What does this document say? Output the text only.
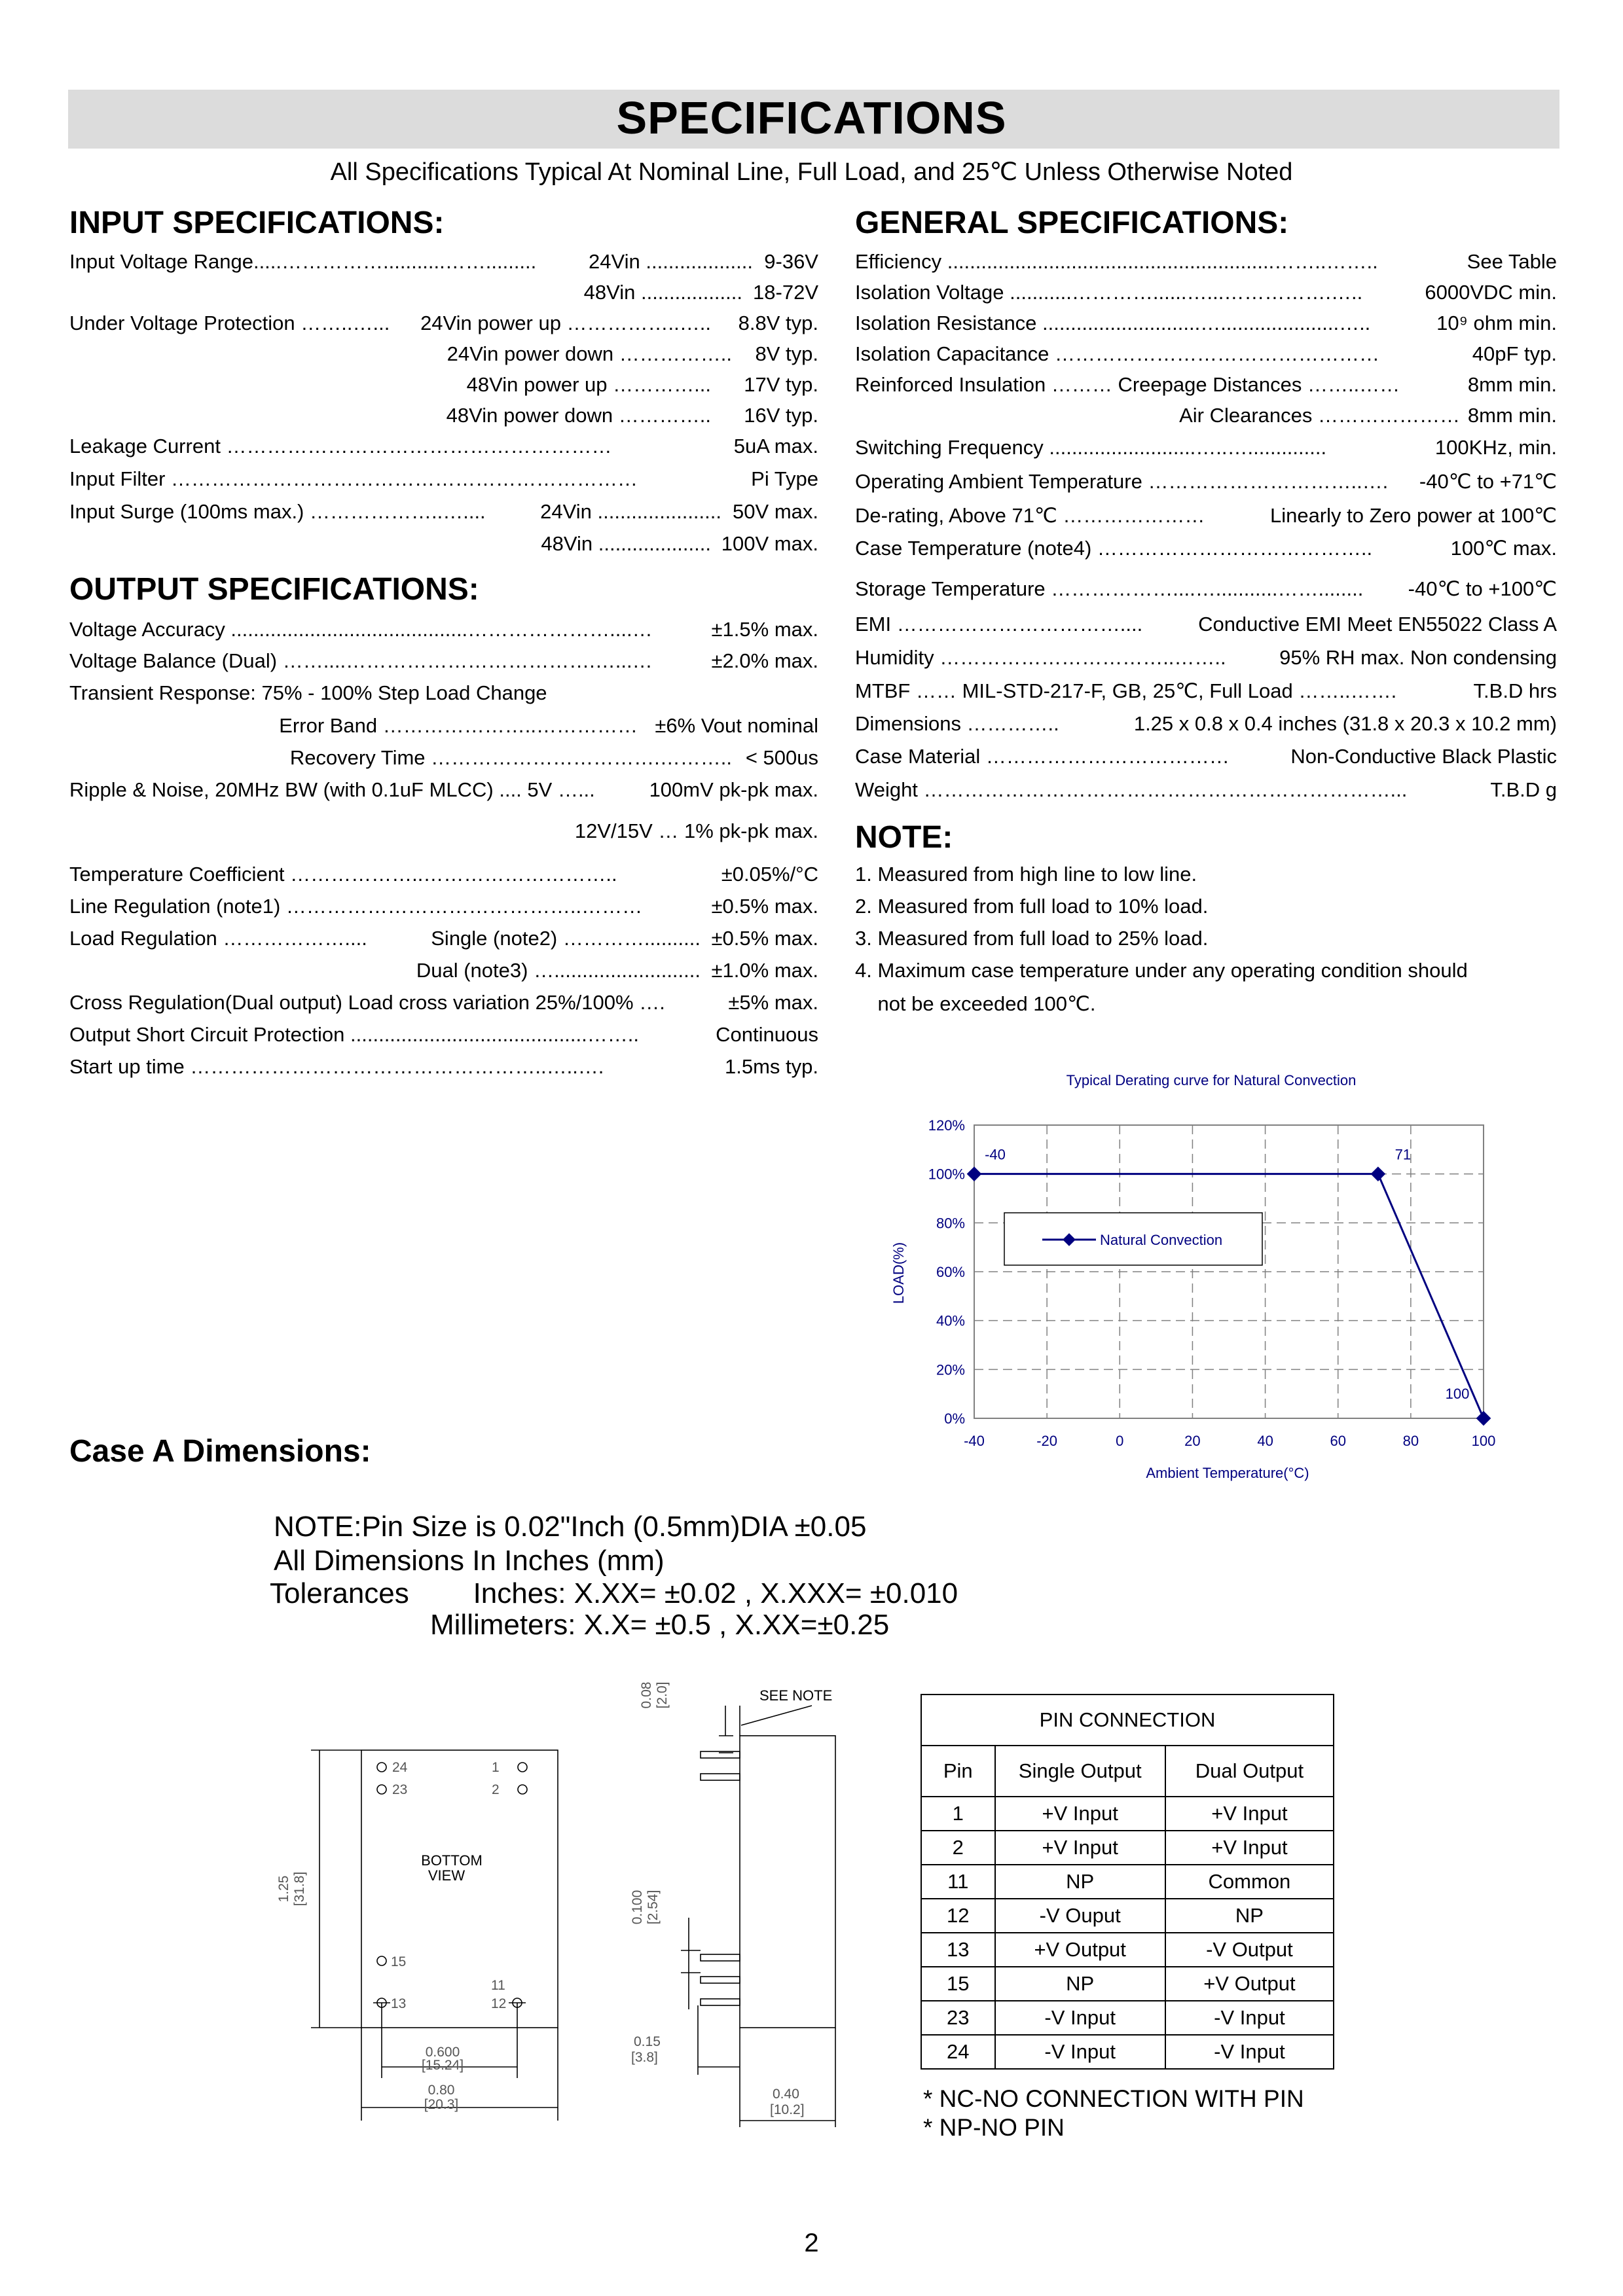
SPECIFICATIONS
All Specifications Typical At Nominal Line, Full Load, and 25℃ Unless Otherwise Noted
INPUT SPECIFICATIONS:	GENERAL SPECIFICATIONS:
OUTPUT SPECIFICATIONS:
NOTE:
Case A Dimensions:
Input Voltage Range.....……………...........…….........	24Vin ................... 9-36V
48Vin .................. 18-72V
Under Voltage Protection ……..…...	24Vin power up ……………..…..	8.8V typ.
24Vin power down ……………..	8V typ.
48Vin power up …………...	17V typ.
48Vin power down …………..	16V typ.
Leakage Current …………………………………………………	5uA max.
Input Filter ……………………………………………………………	Pi Type
Input Surge (100ms max.) ………………..…....	24Vin ...................... 50V max.
48Vin .................... 100V max.
Voltage Accuracy ..........................................…………………....…	±1.5% max.
Voltage Balance (Dual) ……....……………………………….…...…	±2.0% max.
Transient Response: 75% - 100% Step Load Change
Error Band …………………..…………… ±6% Vout nominal
Recovery Time …………………………….……….. < 500us
Ripple & Noise, 20MHz BW (with 0.1uF MLCC) .... 5V …...	100mV pk-pk max.
12V/15V … 1% pk-pk max.
Temperature Coefficient ………………..………………………..	±0.05%/°C
Line Regulation (note1) ……………………………………..………	±0.5% max.
Load Regulation ………………....	Single (note2) ………….......... ±0.5% max.
Dual (note3) ….......................... ±1.0% max.
Cross Regulation(Dual output) Load cross variation 25%/100% ….	±5% max.
Output Short Circuit Protection ..........................................……..	Continuous
Start up time ……………………………………………..…..….	1.5ms typ.
Efficiency ..........................................................……..……..	See Table
Isolation Voltage ...........…………......…...…………….…..	6000VDC min.
Isolation Resistance ............................….....................…..	10⁹ ohm min.
Isolation Capacitance …………………………………………	40pF typ.
Reinforced Insulation ……… Creepage Distances ……..……	8mm min.
Air Clearances ………………… 8mm min.
Switching Frequency ..........................…..…..............	100KHz, min.
Operating Ambient Temperature …………………………..….	-40℃ to +71℃
De-rating, Above 71℃ …………………	Linearly to Zero power at 100℃
Case Temperature (note4) …………………………………..	100℃ max.
Storage Temperature ………………....…...........……........	-40℃ to +100℃
EMI ……………………………....	Conductive EMI Meet EN55022 Class A
Humidity ……………………………..……..	95% RH max. Non condensing
MTBF …… MIL-STD-217-F, GB, 25℃, Full Load ……..…….	T.B.D hrs
Dimensions …………..	1.25 x 0.8 x 0.4 inches (31.8 x 20.3 x 10.2 mm)
Case Material ………………………………	Non-Conductive Black Plastic
Weight ……………………………………………………………...	T.B.D g
1. Measured from high line to low line.
2. Measured from full load to 10% load.
3. Measured from full load to 25% load.
4. Maximum case temperature under any operating condition should
not be exceeded 100℃.
Typical Derating curve for Natural Convection
0%
20%
40%
60%
80%
100%
120%
-40	-20	0	20	40	60	80	100
-40	71
100
Natural Convection
LOAD(%)
Ambient Temperature(°C)
NOTE:Pin Size is 0.02"Inch (0.5mm)DIA ±0.05
All Dimensions In Inches (mm)
Tolerances        Inches: X.XX= ±0.02 , X.XXX= ±0.010
Millimeters: X.X= ±0.5 , X.XX=±0.25
24
23
1
2
15
13
11
12
BOTTOM
VIEW
1.25 [31.8]
0.600
[15.24]
0.80
[20.3]
0.08 [2.0]	SEE NOTE
0.100 [2.54]
0.15
[3.8]
0.40
[10.2]
PIN CONNECTION		
Pin	Single Output	Dual Output
1	+V Input	+V Input
2	+V Input	+V Input
11	NP	Common
12	-V Ouput	NP
13	+V Output	-V Output
15	NP	+V Output
23	-V Input	-V Input
24	-V Input	-V Input
* NC-NO CONNECTION WITH PIN
* NP-NO PIN
2
